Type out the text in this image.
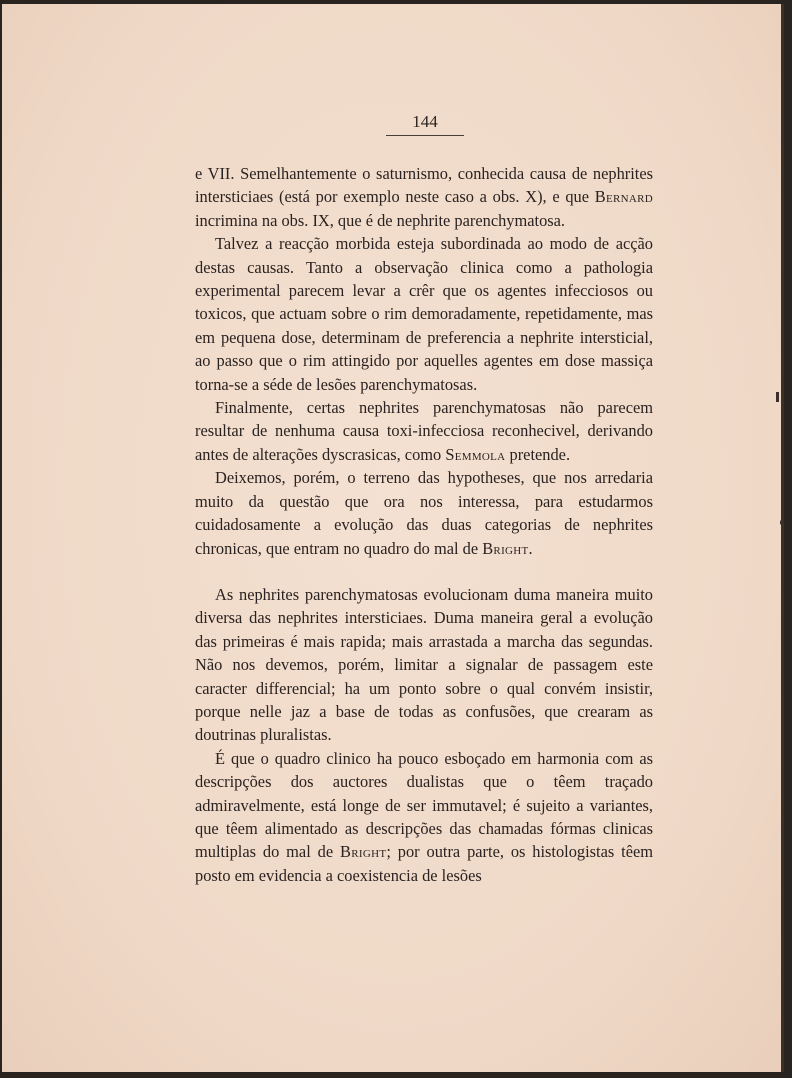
144

e VII. Semelhantemente o saturnismo, conhecida causa de nephrites intersticiaes (está por exemplo neste caso a obs. X), e que Bernard incrimina na obs. IX, que é de nephrite parenchymatosa.

Talvez a reacção morbida esteja subordinada ao modo de acção destas causas. Tanto a observação clinica como a pathologia experimental parecem levar a crêr que os agentes infecciosos ou toxicos, que actuam sobre o rim demoradamente, repetidamente, mas em pequena dose, determinam de preferencia a nephrite intersticial, ao passo que o rim attingido por aquelles agentes em dose massiça torna-se a séde de lesões parenchymatosas.

Finalmente, certas nephrites parenchymatosas não parecem resultar de nenhuma causa toxi-infecciosa reconhecivel, derivando antes de alterações dyscrasicas, como Semmola pretende.

Deixemos, porém, o terreno das hypotheses, que nos arredaria muito da questão que ora nos interessa, para estudarmos cuidadosamente a evolução das duas categorias de nephrites chronicas, que entram no quadro do mal de Bright.

As nephrites parenchymatosas evolucionam duma maneira muito diversa das nephrites intersticiaes. Duma maneira geral a evolução das primeiras é mais rapida; mais arrastada a marcha das segundas. Não nos devemos, porém, limitar a signalar de passagem este caracter differencial; ha um ponto sobre o qual convém insistir, porque nelle jaz a base de todas as confusões, que crearam as doutrinas pluralistas.

É que o quadro clinico ha pouco esboçado em harmonia com as descripções dos auctores dualistas que o têem traçado admiravelmente, está longe de ser immutavel; é sujeito a variantes, que têem alimentado as descripções das chamadas fórmas clinicas multiplas do mal de Bright; por outra parte, os histologistas têem posto em evidencia a coexistencia de lesões
